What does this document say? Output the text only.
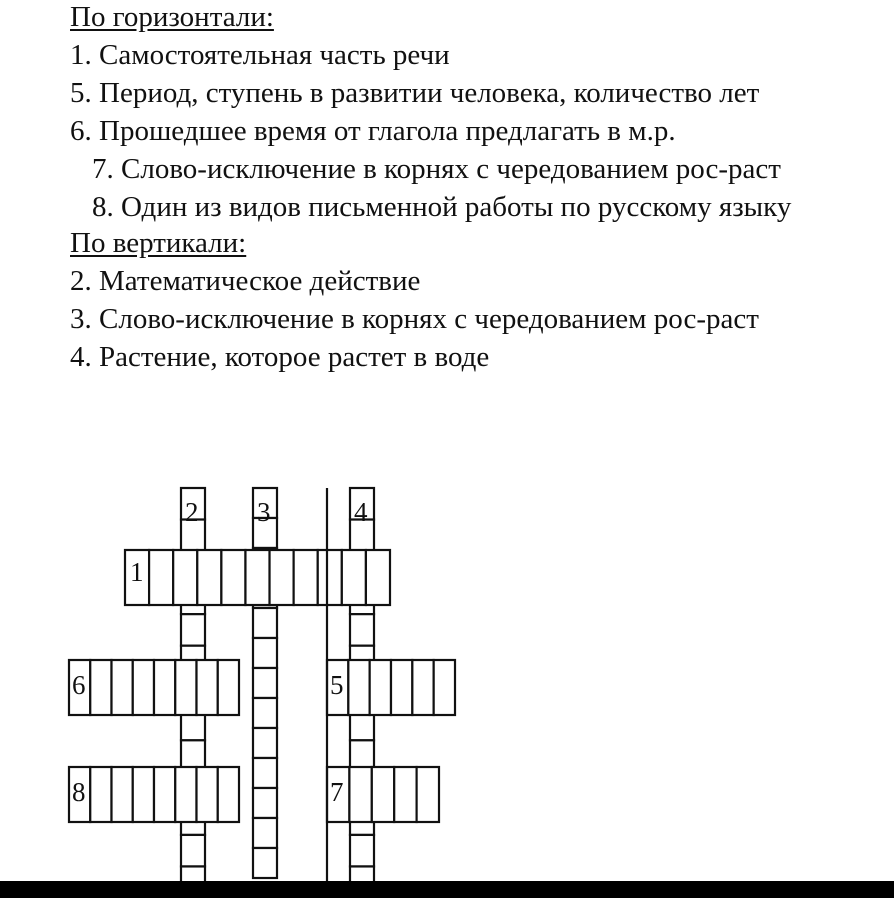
По горизонтали:
1. Самостоятельная часть речи
5. Период, ступень в развитии человека, количество лет
6. Прошедшее время от глагола предлагать в м.р.
7. Слово-исключение в корнях с чередованием рос-раст
8. Один из видов письменной работы по русскому языку
По вертикали:
2. Математическое действие
3. Слово-исключение в корнях с чередованием рос-раст
4. Растение, которое растет в воде
1
2 3	4
5
6
7
8
